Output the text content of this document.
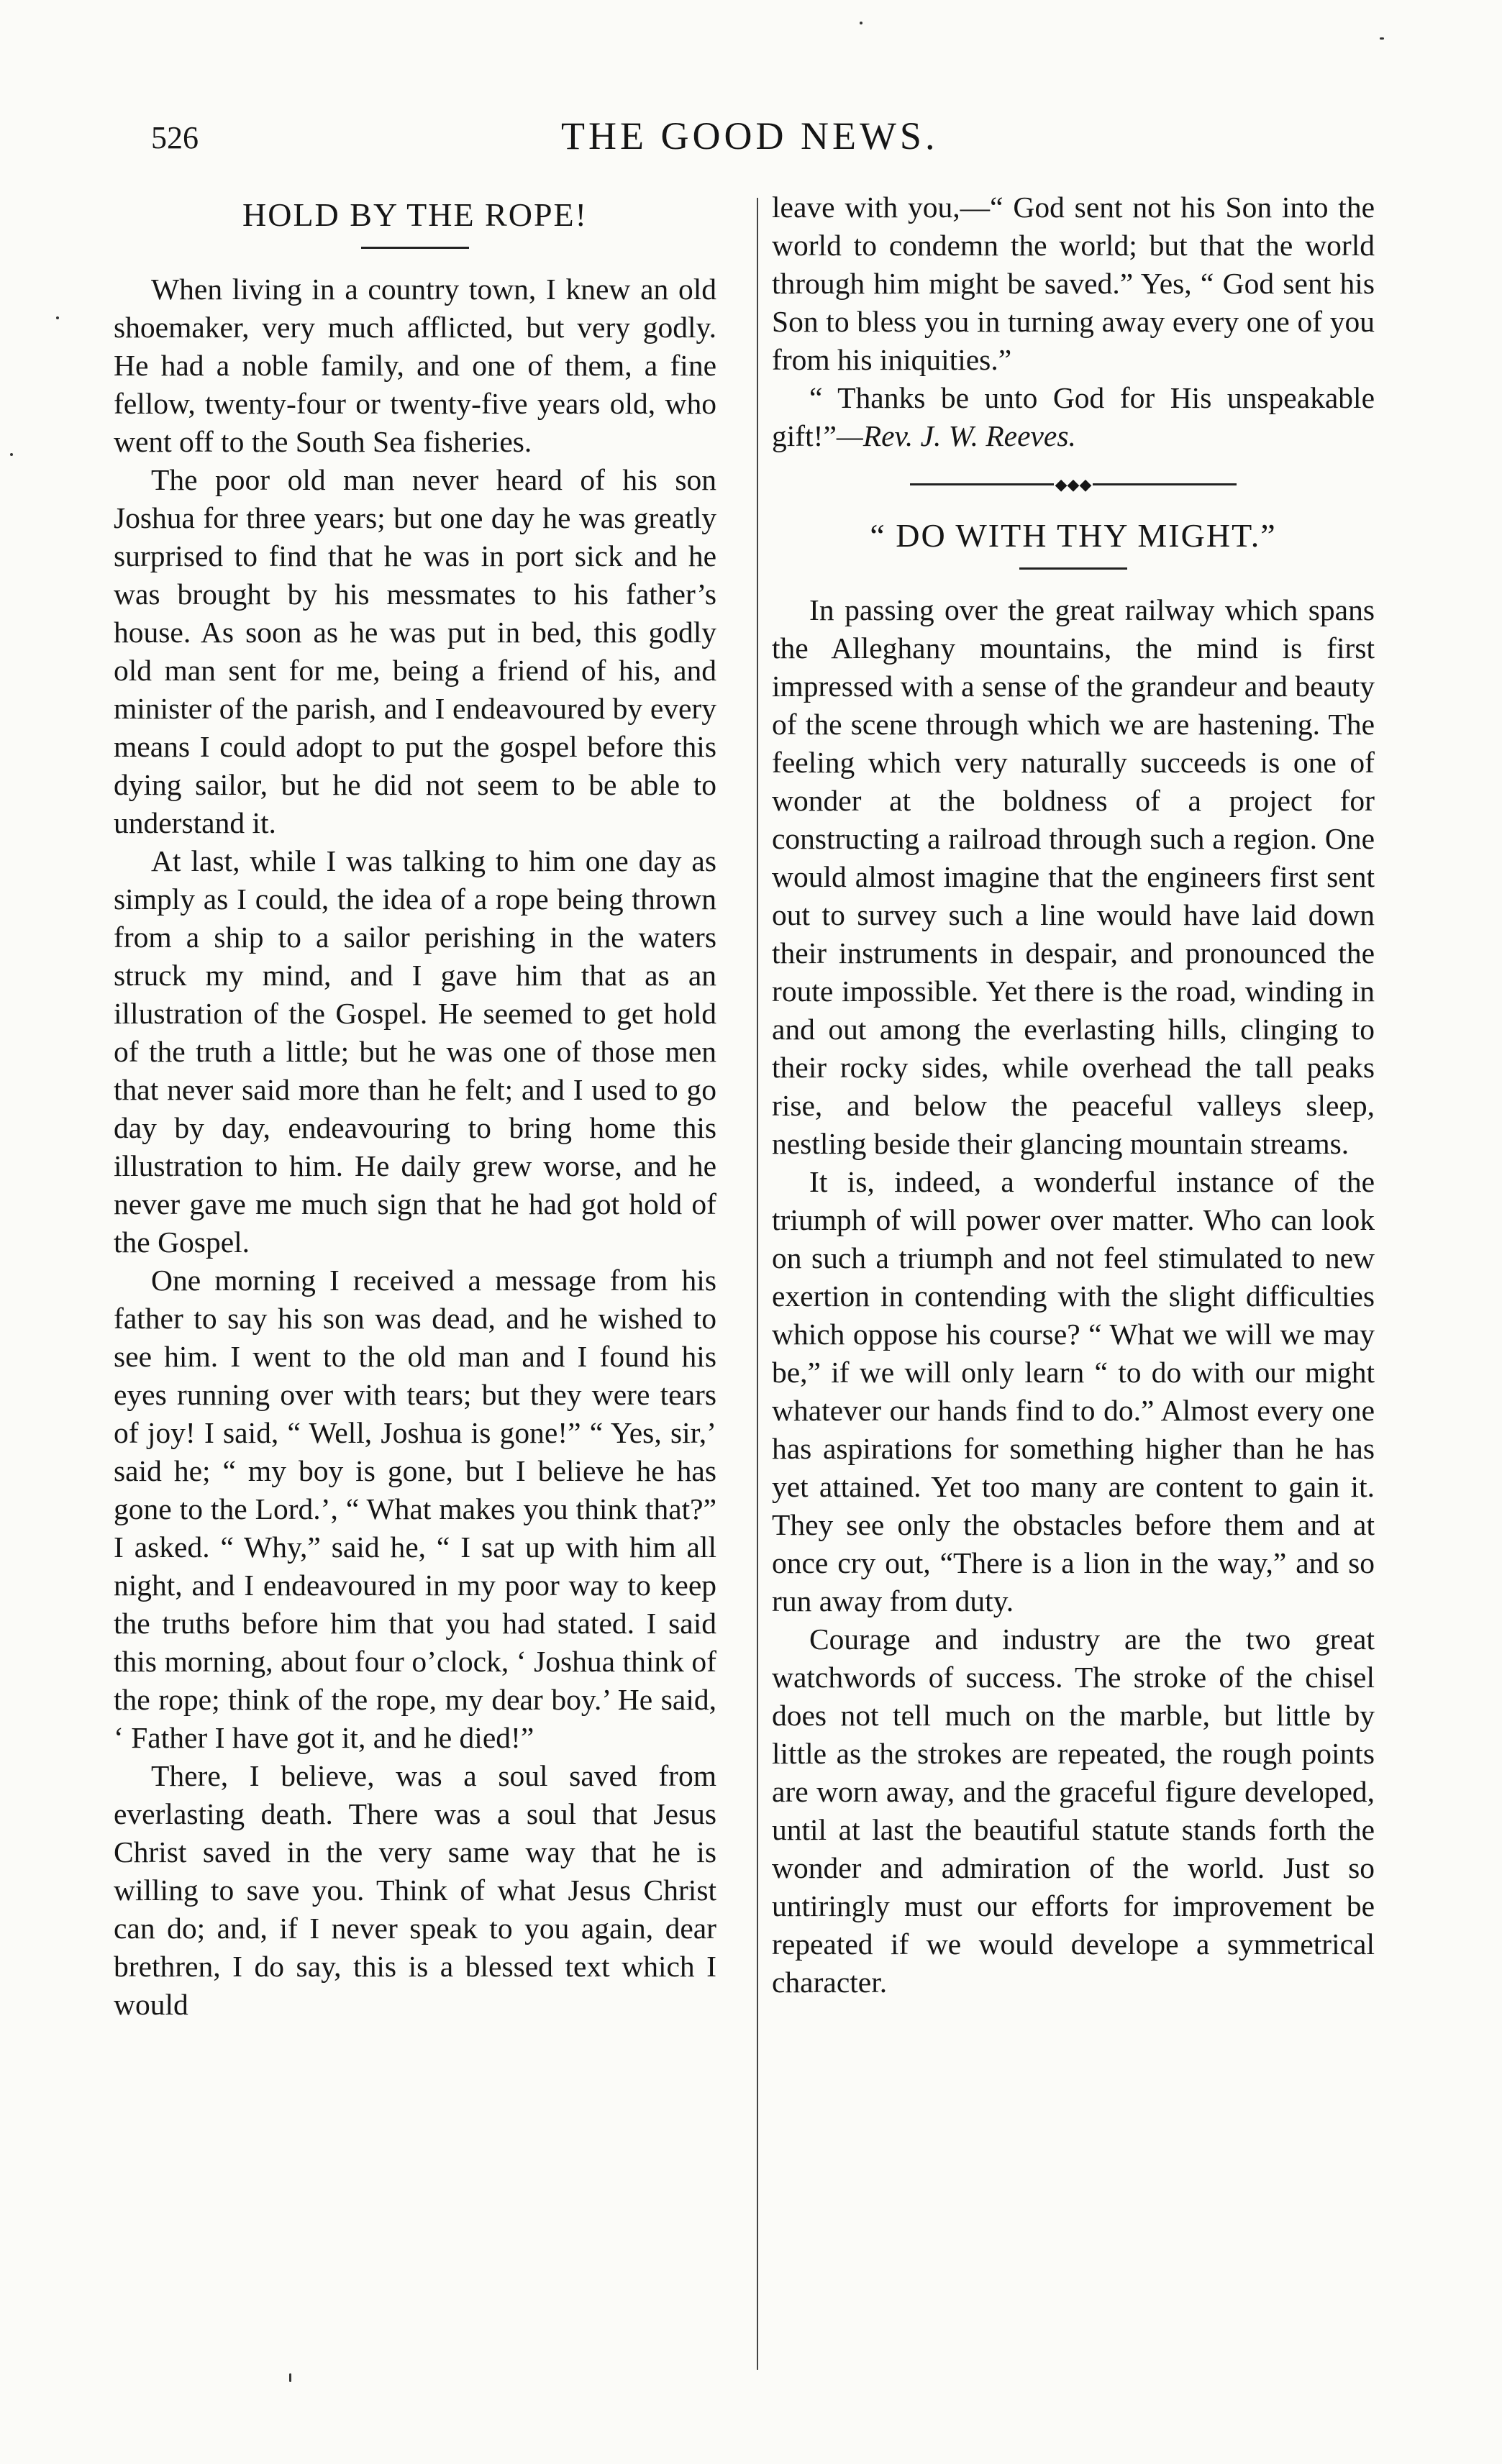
526	THE GOOD NEWS.
HOLD BY THE ROPE!

When living in a country town, I knew an old shoemaker, very much afflicted, but very godly. He had a noble family, and one of them, a fine fellow, twenty-four or twenty-five years old, who went off to the South Sea fisheries.

The poor old man never heard of his son Joshua for three years; but one day he was greatly surprised to find that he was in port sick and he was brought by his messmates to his father’s house. As soon as he was put in bed, this godly old man sent for me, being a friend of his, and minister of the parish, and I endeavoured by every means I could adopt to put the gospel before this dying sailor, but he did not seem to be able to understand it.

At last, while I was talking to him one day as simply as I could, the idea of a rope being thrown from a ship to a sailor perishing in the waters struck my mind, and I gave him that as an illustration of the Gospel. He seemed to get hold of the truth a little; but he was one of those men that never said more than he felt; and I used to go day by day, endeavouring to bring home this illustration to him. He daily grew worse, and he never gave me much sign that he had got hold of the Gospel.

One morning I received a message from his father to say his son was dead, and he wished to see him. I went to the old man and I found his eyes running over with tears; but they were tears of joy! I said, “ Well, Joshua is gone!” “ Yes, sir,’ said he; “ my boy is gone, but I believe he has gone to the Lord.’, “ What makes you think that?” I asked. “ Why,” said he, “ I sat up with him all night, and I endeavoured in my poor way to keep the truths before him that you had stated. I said this morning, about four o’clock, ‘ Joshua think of the rope; think of the rope, my dear boy.’ He said, ‘ Father I have got it, and he died!”

There, I believe, was a soul saved from everlasting death. There was a soul that Jesus Christ saved in the very same way that he is willing to save you. Think of what Jesus Christ can do; and, if I never speak to you again, dear brethren, I do say, this is a blessed text which I would

leave with you,—“ God sent not his Son into the world to condemn the world; but that the world through him might be saved.” Yes, “ God sent his Son to bless you in turning away every one of you from his iniquities.”

“ Thanks be unto God for His unspeakable gift!”—Rev. J. W. Reeves.

◆◆◆
“ DO WITH THY MIGHT.”

In passing over the great railway which spans the Alleghany mountains, the mind is first impressed with a sense of the grandeur and beauty of the scene through which we are hastening. The feeling which very naturally succeeds is one of wonder at the boldness of a project for constructing a railroad through such a region. One would almost imagine that the engineers first sent out to survey such a line would have laid down their instruments in despair, and pronounced the route impossible. Yet there is the road, winding in and out among the everlasting hills, clinging to their rocky sides, while overhead the tall peaks rise, and below the peaceful valleys sleep, nestling beside their glancing mountain streams.

It is, indeed, a wonderful instance of the triumph of will power over matter. Who can look on such a triumph and not feel stimulated to new exertion in contending with the slight difficulties which oppose his course? “ What we will we may be,” if we will only learn “ to do with our might whatever our hands find to do.” Almost every one has aspirations for something higher than he has yet attained. Yet too many are content to gain it. They see only the obstacles before them and at once cry out, “There is a lion in the way,” and so run away from duty.

Courage and industry are the two great watchwords of success. The stroke of the chisel does not tell much on the marble, but little by little as the strokes are repeated, the rough points are worn away, and the graceful figure developed, until at last the beautiful statute stands forth the wonder and admiration of the world. Just so untiringly must our efforts for improvement be repeated if we would develope a symmetrical character.
